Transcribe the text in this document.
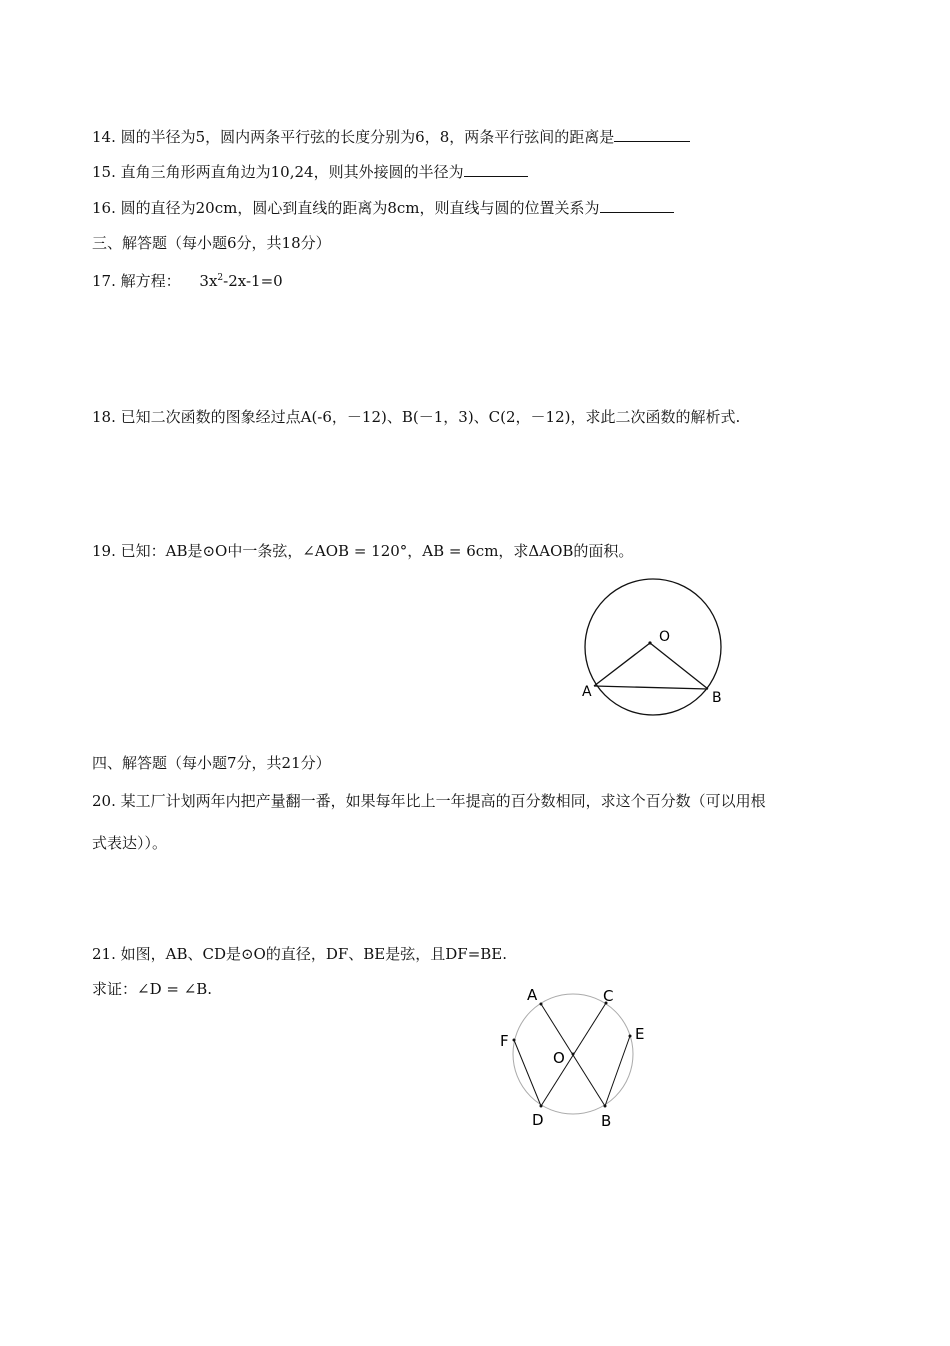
14. 圆的半径为5，圆内两条平行弦的长度分别为6，8，两条平行弦间的距离是
15. 直角三角形两直角边为10,24，则其外接圆的半径为
16. 圆的直径为20cm，圆心到直线的距离为8cm，则直线与圆的位置关系为
三、解答题（每小题6分，共18分）
17. 解方程： $3x^2-2x-1=0$
18. 已知二次函数的图象经过点A(-6，－12)、B(－1，3)、C(2，－12)，求此二次函数的解析式.
19. 已知：AB是⊙O中一条弦，∠AOB = 120°，AB = 6cm，求ΔAOB的面积。
O
A	B
四、解答题（每小题7分，共21分）
20. 某工厂计划两年内把产量翻一番，如果每年比上一年提高的百分数相同，求这个百分数（可以用根
式表达））。
21. 如图，AB、CD是⊙O的直径，DF、BE是弦，且DF=BE.
求证：∠D = ∠B.	A	C
E
F
O
D	B
